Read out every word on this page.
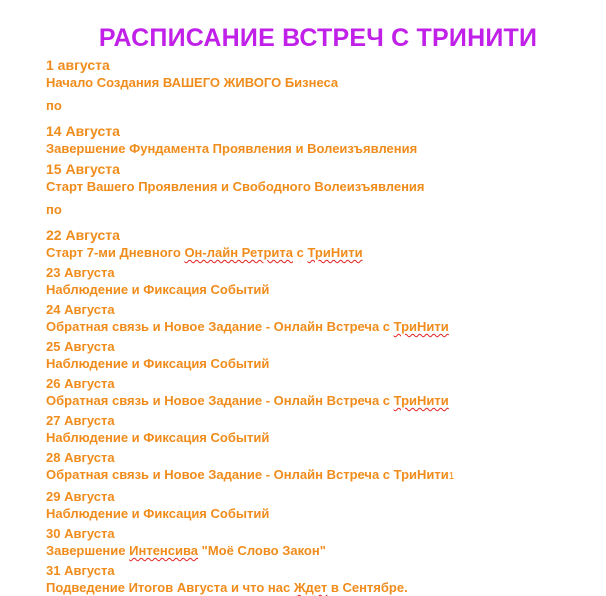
РАСПИСАНИЕ ВСТРЕЧ С ТРИНИТИ
1 августа
Начало Создания ВАШЕГО ЖИВОГО Бизнеса
по
14 Августа
Завершение Фундамента Проявления и Волеизъявления
15 Августа
Старт Вашего Проявления и Свободного Волеизъявления
по
22 Августа
Старт 7-ми Дневного Он-лайн Ретрита с ТриНити
23 Августа
Наблюдение и Фиксация Событий
24 Августа
Обратная связь и Новое Задание - Онлайн Встреча с ТриНити
25 Августа
Наблюдение и Фиксация Событий
26 Августа
Обратная связь и Новое Задание - Онлайн Встреча с ТриНити
27 Августа
Наблюдение и Фиксация Событий
28 Августа
Обратная связь и Новое Задание - Онлайн Встреча с ТриНити1
29 Августа
Наблюдение и Фиксация Событий
30 Августа
Завершение Интенсива "Моё Слово Закон"
31 Августа
Подведение Итогов Августа и что нас Ждет в Сентябре.
